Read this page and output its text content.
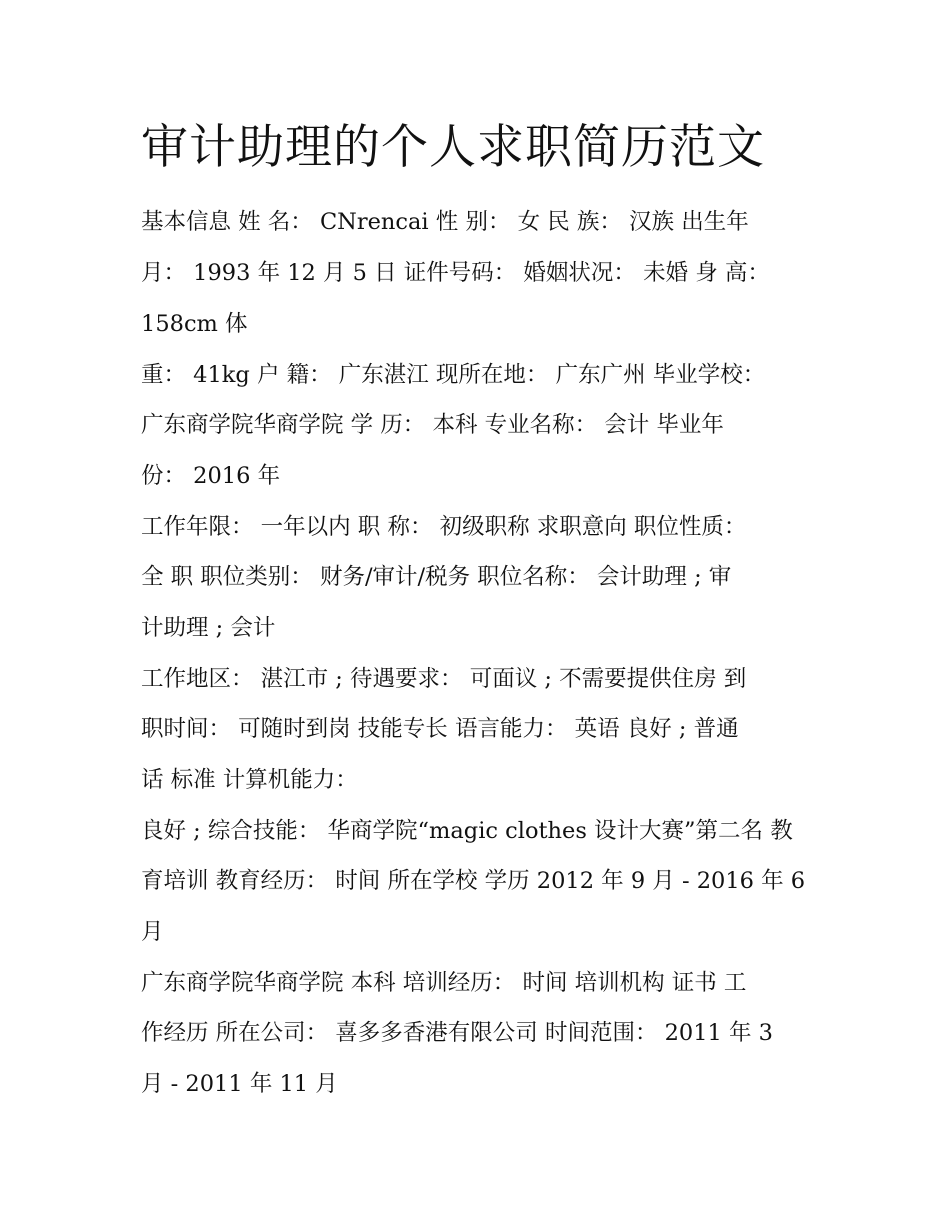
审计助理的个人求职简历范文

基本信息 姓 名： CNrencai 性 别： 女 民 族： 汉族 出生年

月： 1993 年 12 月 5 日 证件号码： 婚姻状况： 未婚 身 高：

158cm 体

重： 41kg 户 籍： 广东湛江 现所在地： 广东广州 毕业学校：

广东商学院华商学院 学 历： 本科 专业名称： 会计 毕业年

份： 2016 年

工作年限： 一年以内 职 称： 初级职称 求职意向 职位性质：

全 职 职位类别： 财务/审计/税务 职位名称： 会计助理 ; 审

计助理 ; 会计

工作地区： 湛江市 ; 待遇要求： 可面议 ; 不需要提供住房 到

职时间： 可随时到岗 技能专长 语言能力： 英语 良好 ; 普通

话 标准 计算机能力：

良好 ; 综合技能： 华商学院“magic clothes 设计大赛”第二名 教

育培训 教育经历： 时间 所在学校 学历 2012 年 9 月 - 2016 年 6

月

广东商学院华商学院 本科 培训经历： 时间 培训机构 证书 工

作经历 所在公司： 喜多多香港有限公司 时间范围： 2011 年 3

月 - 2011 年 11 月
